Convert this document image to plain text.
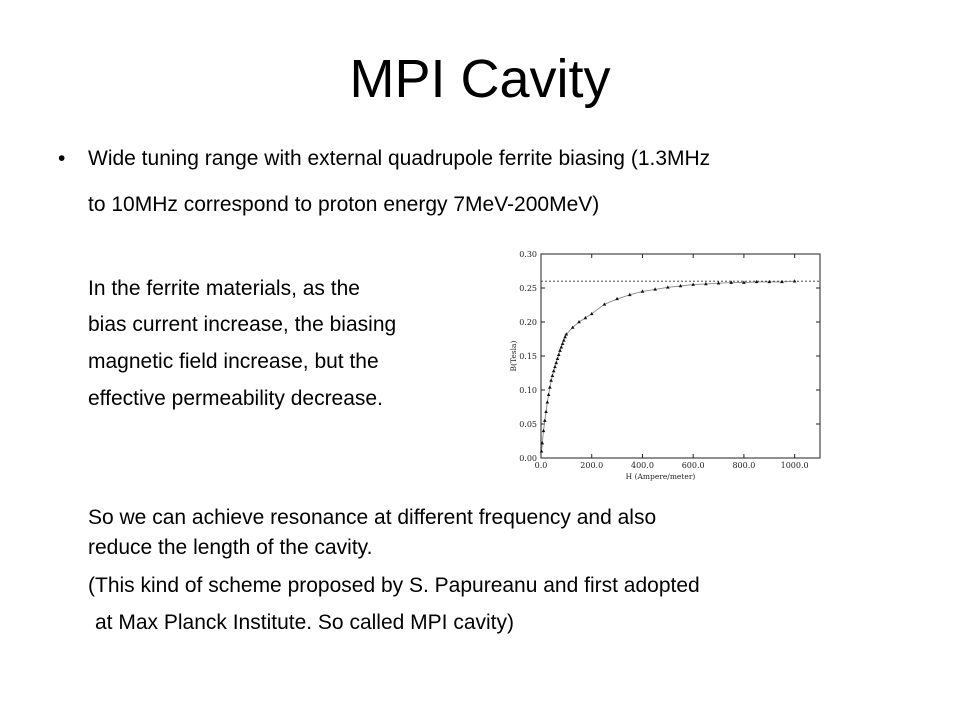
MPI Cavity
• Wide tuning range with external quadrupole ferrite biasing (1.3MHz
to 10MHz correspond to proton energy 7MeV-200MeV)
In the ferrite materials, as the
bias current increase, the biasing
magnetic field increase, but the
effective permeability decrease.
So we can achieve resonance at different frequency and also
reduce the length of the cavity.
(This kind of scheme proposed by S. Papureanu and first adopted
at Max Planck Institute. So called MPI cavity)
0.00
0.05
0.10
0.15
0.20
0.25
0.30
0.0	200.0	400.0	600.0	800.0	1000.0
H (Ampere/meter)
B(Tesla)
